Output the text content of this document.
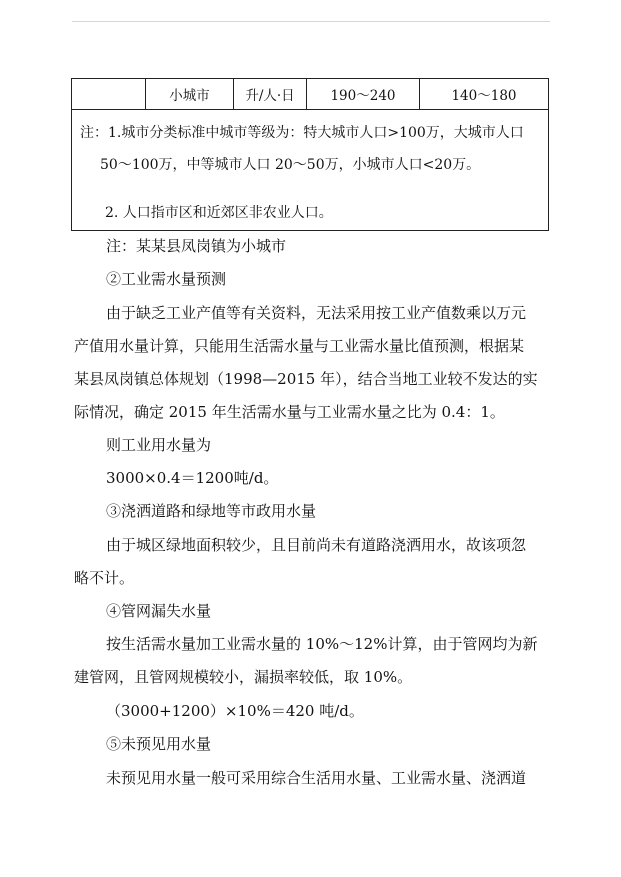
	小城市	升/人·日	190～240	140～180

注：1.城市分类标准中城市等级为：特大城市人口>100万，大城市人口
50～100万，中等城市人口 20～50万，小城市人口<20万。
2. 人口指市区和近郊区非农业人口。
注：某某县凤岗镇为小城市
②工业需水量预测
由于缺乏工业产值等有关资料，无法采用按工业产值数乘以万元
产值用水量计算，只能用生活需水量与工业需水量比值预测，根据某
某县凤岗镇总体规划（1998—2015 年），结合当地工业较不发达的实
际情况，确定 2015 年生活需水量与工业需水量之比为 0.4：1。
则工业用水量为
3000×0.4＝1200吨/d。
③浇洒道路和绿地等市政用水量
由于城区绿地面积较少，且目前尚未有道路浇洒用水，故该项忽
略不计。
④管网漏失水量
按生活需水量加工业需水量的 10%～12%计算，由于管网均为新
建管网，且管网规模较小，漏损率较低，取 10%。
（3000+1200）×10%＝420 吨/d。
⑤未预见用水量
未预见用水量一般可采用综合生活用水量、工业需水量、浇洒道
